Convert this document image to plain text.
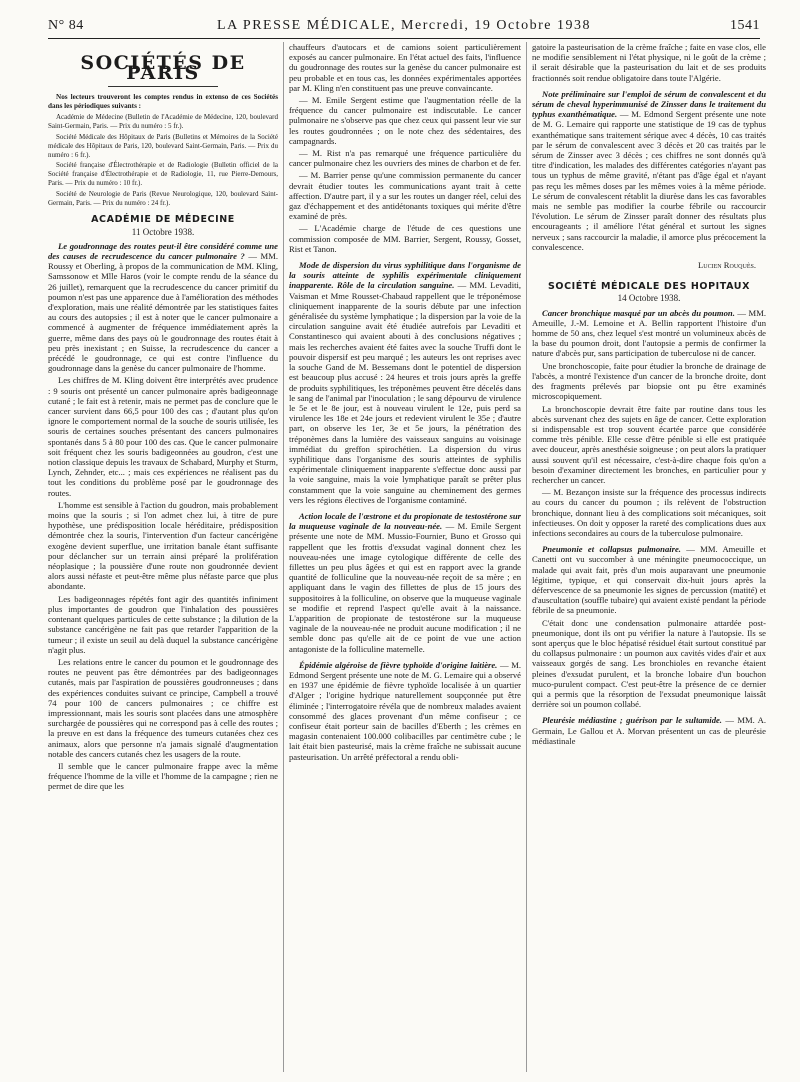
N° 84	LA PRESSE MÉDICALE, Mercredi, 19 Octobre 1938	1541
SOCIÉTÉS DE PARIS

Nos lecteurs trouveront les comptes rendus in extenso de ces Sociétés dans les périodiques suivants :

Académie de Médecine (Bulletin de l'Académie de Médecine, 120, boulevard Saint-Germain, Paris. — Prix du numéro : 5 fr.).

Société Médicale des Hôpitaux de Paris (Bulletins et Mémoires de la Société médicale des Hôpitaux de Paris, 120, boulevard Saint-Germain, Paris. — Prix du numéro : 6 fr.).

Société française d'Électrothérapie et de Radiologie (Bulletin officiel de la Société française d'Électrothérapie et de Radiologie, 11, rue Pierre-Demours, Paris. — Prix du numéro : 10 fr.).

Société de Neurologie de Paris (Revue Neurologique, 120, boulevard Saint-Germain, Paris. — Prix du numéro : 24 fr.).

ACADÉMIE DE MÉDECINE
11 Octobre 1938.

Le goudronnage des routes peut-il être considéré comme une des causes de recrudescence du cancer pulmonaire ? — MM. Roussy et Oberling, à propos de la communication de MM. Kling, Samssonow et Mlle Haros (voir le compte rendu de la séance du 26 juillet), remarquent que la recrudescence du cancer primitif du poumon n'est pas une apparence due à l'amélioration des méthodes d'exploration, mais une réalité démontrée par les statistiques faites au cours des autopsies ; il est à noter que le cancer pulmonaire a commencé à augmenter de fréquence immédiatement après la guerre, même dans des pays où le goudronnage des routes était à peu près inexistant ; en Suisse, la recrudescence du cancer a précédé le goudronnage, ce qui est contre l'influence du goudronnage dans la genèse du cancer pulmonaire de l'homme.

Les chiffres de M. Kling doivent être interprétés avec prudence : 9 souris ont présenté un cancer pulmonaire après badigeonnage cutané ; le fait est à retenir, mais ne permet pas de conclure que le cancer survient dans 66,5 pour 100 des cas ; d'autant plus qu'on ignore le comportement normal de la souche de souris utilisée, les souris de certaines souches présentant des cancers pulmonaires spontanés dans 5 à 80 pour 100 des cas. Que le cancer pulmonaire soit fréquent chez les souris badigeonnées au goudron, c'est une notion classique depuis les travaux de Schabard, Murphy et Sturm, Lynch, Zehnder, etc... ; mais ces expériences ne réalisent pas du tout les conditions du problème posé par le goudronnage des routes.

L'homme est sensible à l'action du goudron, mais probablement moins que la souris ; si l'on admet chez lui, à titre de pure hypothèse, une prédisposition locale héréditaire, prédisposition démontrée chez la souris, l'intervention d'un facteur cancérigène exogène devient superflue, une irritation banale étant suffisante pour déclancher sur un terrain ainsi préparé la prolifération néoplasique ; la poussière d'une route non goudronnée devient alors aussi néfaste et peut-être même plus néfaste parce que plus abondante.

Les badigeonnages répétés font agir des quantités infiniment plus importantes de goudron que l'inhalation des poussières contenant quelques particules de cette substance ; la dilution de la substance cancérigène ne fait pas que retarder l'apparition de la tumeur ; il existe un seuil au delà duquel la substance cancérigène n'agit plus.

Les relations entre le cancer du poumon et le goudronnage des routes ne peuvent pas être démontrées par des badigeonnages cutanés, mais par l'aspiration de poussières goudronneuses ; dans des expériences conduites suivant ce principe, Campbell a trouvé 74 pour 100 de cancers pulmonaires ; ce chiffre est impressionnant, mais les souris sont placées dans une atmosphère surchargée de poussières qui ne correspond pas à celle des routes ; la preuve en est dans la fréquence des tumeurs cutanées chez ces animaux, alors que personne n'a jamais signalé d'augmentation notable des cancers cutanés chez les usagers de la route.

Il semble que le cancer pulmonaire frappe avec la même fréquence l'homme de la ville et l'homme de la campagne ; rien ne permet de dire que les

chauffeurs d'autocars et de camions soient particulièrement exposés au cancer pulmonaire. En l'état actuel des faits, l'influence du goudronnage des routes sur la genèse du cancer pulmonaire est peu probable et en tous cas, les données expérimentales apportées par M. Kling n'en constituent pas une preuve convaincante.

— M. Emile Sergent estime que l'augmentation réelle de la fréquence du cancer pulmonaire est indiscutable. Le cancer pulmonaire ne s'observe pas que chez ceux qui passent leur vie sur les routes goudronnées ; on le note chez des sédentaires, des campagnards.

— M. Rist n'a pas remarqué une fréquence particulière du cancer pulmonaire chez les ouvriers des mines de charbon et de fer.

— M. Barrier pense qu'une commission permanente du cancer devrait étudier toutes les communications ayant trait à cette affection. D'autre part, il y a sur les routes un danger réel, celui des gaz d'échappement et des antidétonants toxiques qui mérite d'être examiné de près.

— L'Académie charge de l'étude de ces questions une commission composée de MM. Barrier, Sergent, Roussy, Gosset, Rist et Tanon.

Mode de dispersion du virus syphilitique dans l'organisme de la souris atteinte de syphilis expérimentale cliniquement inapparente. Rôle de la circulation sanguine. — MM. Levaditi, Vaisman et Mme Rousset-Chabaud rappellent que le tréponémose cliniquement inapparente de la souris débute par une infection généralisée du système lymphatique ; la dispersion par la voie de la circulation sanguine avait été étudiée autrefois par Levaditi et Constantinesco qui avaient abouti à des conclusions négatives ; mais les recherches avaient été faites avec la souche Truffi dont le pouvoir dispersif est peu marqué ; les auteurs les ont reprises avec la souche Gand de M. Bessemans dont le potentiel de dispersion est beaucoup plus accusé : 24 heures et trois jours après la greffe de produits syphilitiques, les tréponèmes peuvent être décelés dans le sang de l'animal par l'inoculation ; le sang dépourvu de virulence le 5e et le 8e jour, est à nouveau virulent le 12e, puis perd sa virulence les 18e et 24e jours et redevient virulent le 35e ; d'autre part, on observe les 1er, 3e et 5e jours, la pénétration des tréponèmes dans la lumière des vaisseaux sanguins au voisinage immédiat du greffon spirochétien. La dispersion du virus syphilitique dans l'organisme des souris atteintes de syphilis expérimentale cliniquement inapparente s'effectue donc aussi par la voie sanguine, mais la voie lymphatique paraît se prêter plus constamment que la voie sanguine au cheminement des germes vers les régions électives de l'organisme contaminé.

Action locale de l'œstrone et du propionate de testostérone sur la muqueuse vaginale de la nouveau-née. — M. Emile Sergent présente une note de MM. Mussio-Fournier, Buno et Grosso qui rappellent que les frottis d'exsudat vaginal donnent chez les nouveau-nées une image cytologique différente de celle des fillettes un peu plus âgées et qui est en rapport avec la grande quantité de folliculine que la nouveau-née reçoit de sa mère ; en appliquant dans le vagin des fillettes de plus de 15 jours des suppositoires à la folliculine, on observe que la muqueuse vaginale se modifie et reprend l'aspect qu'elle avait à la naissance. L'apparition de propionate de testostérone sur la muqueuse vaginale de la nouveau-née ne produit aucune modification ; il ne semble donc pas qu'elle ait de ce point de vue une action antagoniste de la folliculine maternelle.

Épidémie algéroise de fièvre typhoïde d'origine laitière. — M. Edmond Sergent présente une note de M. G. Lemaire qui a observé en 1937 une épidémie de fièvre typhoïde localisée à un quartier d'Alger ; l'origine hydrique naturellement soupçonnée put être éliminée ; l'interrogatoire révéla que de nombreux malades avaient consommé des glaces provenant d'un même confiseur ; ce confiseur était porteur sain de bacilles d'Eberth ; les crèmes en magasin contenaient 100.000 colibacilles par centimètre cube ; le lait était bien pasteurisé, mais la crème fraîche ne subissait aucune pasteurisation. Un arrêté préfectoral a rendu obli-

gatoire la pasteurisation de la crème fraîche ; faite en vase clos, elle ne modifie sensiblement ni l'état physique, ni le goût de la crème ; il serait désirable que la pasteurisation du lait et de ses produits fractionnés soit rendue obligatoire dans toute l'Algérie.

Note préliminaire sur l'emploi de sérum de convalescent et du sérum de cheval hyperimmunisé de Zinsser dans le traitement du typhus exanthématique. — M. Edmond Sergent présente une note de M. G. Lemaire qui rapporte une statistique de 19 cas de typhus exanthématique sans traitement sérique avec 4 décès, 10 cas traités par le sérum de convalescent avec 3 décès et 20 cas traités par le sérum de Zinsser avec 3 décès ; ces chiffres ne sont donnés qu'à titre d'indication, les malades des différentes catégories n'ayant pas tous un typhus de même gravité, n'étant pas d'âge égal et n'ayant pas reçu les mêmes doses par les mêmes voies à la même période. Le sérum de convalescent rétablit la diurèse dans les cas favorables mais ne semble pas modifier la courbe fébrile ou raccourcir l'évolution. Le sérum de Zinsser paraît donner des résultats plus encourageants ; il améliore l'état général et surtout les signes nerveux ; sans raccourcir la maladie, il amorce plus précocement la convalescence.

Lucien Rouquès.

SOCIÉTÉ MÉDICALE DES HOPITAUX
14 Octobre 1938.

Cancer bronchique masqué par un abcès du poumon. — MM. Ameuille, J.-M. Lemoine et A. Bellin rapportent l'histoire d'un homme de 50 ans, chez lequel s'est montré un volumineux abcès de la base du poumon droit, dont l'autopsie a permis de confirmer la nature d'abcès pur, sans participation de tuberculose ni de cancer.

Une bronchoscopie, faite pour étudier la bronche de drainage de l'abcès, a montré l'existence d'un cancer de la bronche droite, dont des fragments prélevés par biopsie ont pu être examinés microscopiquement.

La bronchoscopie devrait être faite par routine dans tous les abcès survenant chez des sujets en âge de cancer. Cette exploration si indispensable est trop souvent écartée parce que considérée comme très pénible. Elle cesse d'être pénible si elle est pratiquée avec douceur, après anesthésie soigneuse ; on peut alors la pratiquer aussi souvent qu'il est nécessaire, c'est-à-dire chaque fois qu'on a besoin d'examiner directement les bronches, en particulier pour y rechercher un cancer.

— M. Bezançon insiste sur la fréquence des processus indirects au cours du cancer du poumon ; ils relèvent de l'obstruction bronchique, donnant lieu à des complications soit mécaniques, soit infectieuses. On doit y opposer la rareté des complications dues aux infections secondaires au cours de la tuberculose pulmonaire.

Pneumonie et collapsus pulmonaire. — MM. Ameuille et Canetti ont vu succomber à une méningite pneumococcique, un malade qui avait fait, près d'un mois auparavant une pneumonie légitime, typique, et qui conservait dix-huit jours après la défervescence de sa pneumonie les signes de percussion (matité) et d'auscultation (souffle tubaire) qui avaient existé pendant la période fébrile de sa pneumonie.

C'était donc une condensation pulmonaire attardée post-pneumonique, dont ils ont pu vérifier la nature à l'autopsie. Ils se sont aperçus que le bloc hépatisé résiduel était surtout constitué par du collapsus pulmonaire : un poumon aux cavités vides d'air et aux vaisseaux gorgés de sang. Les bronchioles en revanche étaient pleines d'exsudat purulent, et la bronche lobaire d'un bouchon muco-purulent compact. C'est peut-être la présence de ce dernier qui a permis que la résorption de l'exsudat pneumonique laissât derrière soi un poumon collabé.

Pleurésie médiastine ; guérison par le sultamide. — MM. A. Germain, Le Gallou et A. Morvan présentent un cas de pleurésie médiastinale
